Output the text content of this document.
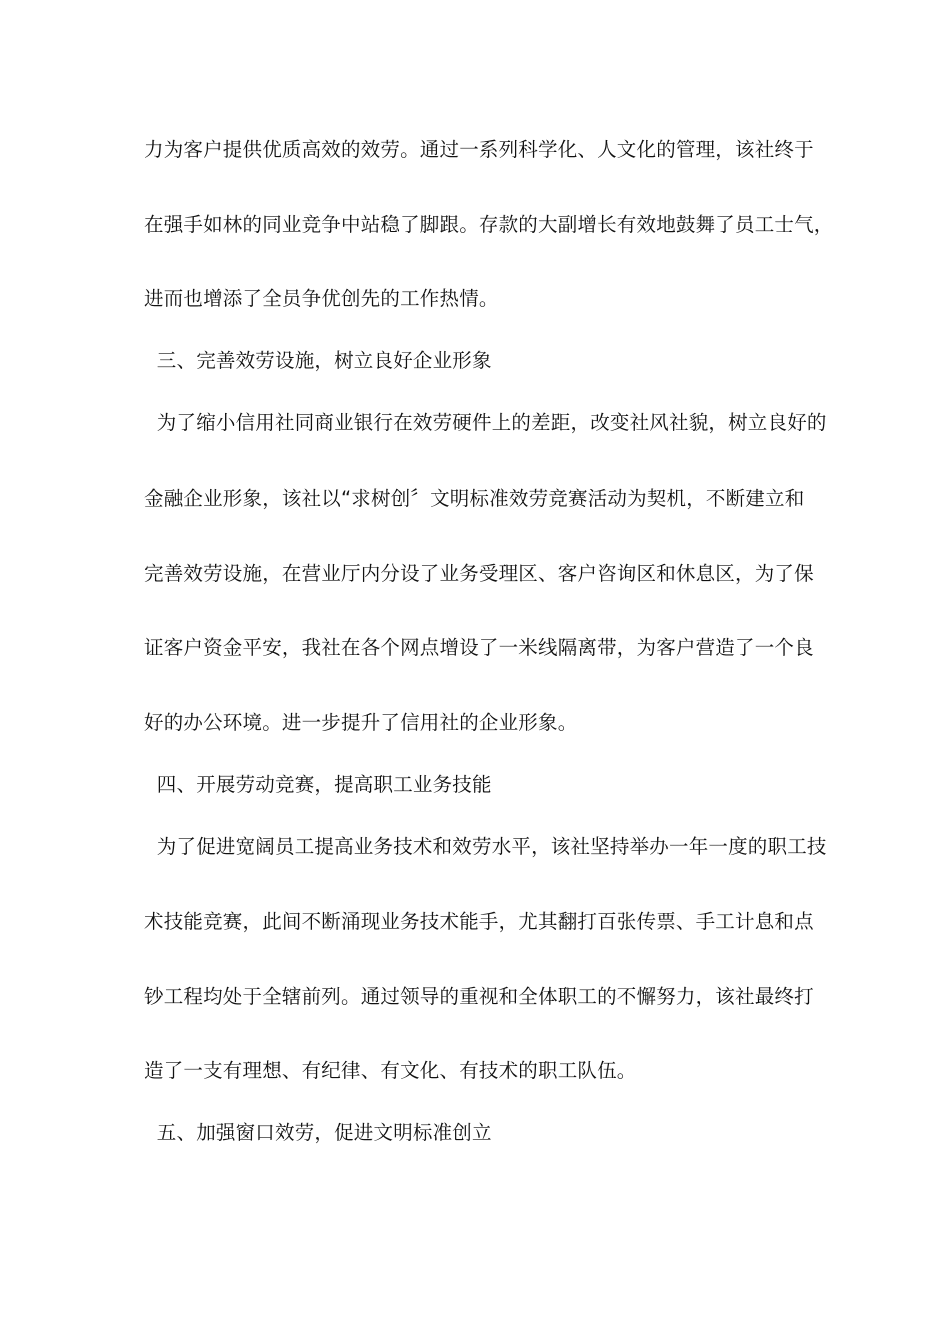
力为客户提供优质高效的效劳。通过一系列科学化、人文化的管理，该社终于
在强手如林的同业竞争中站稳了脚跟。存款的大副增长有效地鼓舞了员工士气，
进而也增添了全员争优创先的工作热情。
三、完善效劳设施，树立良好企业形象
为了缩小信用社同商业银行在效劳硬件上的差距，改变社风社貌，树立良好的
金融企业形象，该社以“求树创〞文明标准效劳竞赛活动为契机，不断建立和
完善效劳设施，在营业厅内分设了业务受理区、客户咨询区和休息区，为了保
证客户资金平安，我社在各个网点增设了一米线隔离带，为客户营造了一个良
好的办公环境。进一步提升了信用社的企业形象。
四、开展劳动竞赛，提高职工业务技能
为了促进宽阔员工提高业务技术和效劳水平，该社坚持举办一年一度的职工技
术技能竞赛，此间不断涌现业务技术能手，尤其翻打百张传票、手工计息和点
钞工程均处于全辖前列。通过领导的重视和全体职工的不懈努力，该社最终打
造了一支有理想、有纪律、有文化、有技术的职工队伍。
五、加强窗口效劳，促进文明标准创立
